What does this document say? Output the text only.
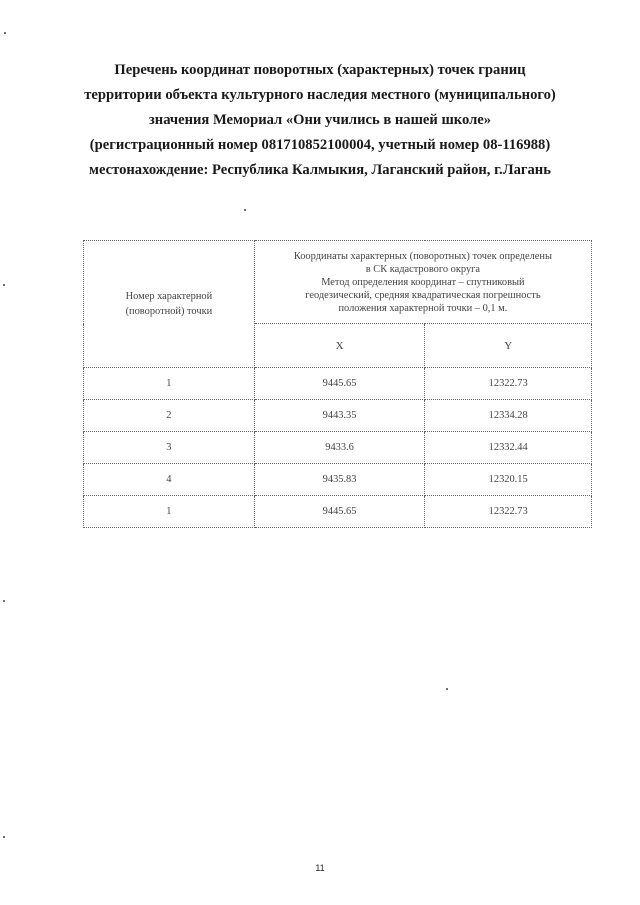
Перечень координат поворотных (характерных) точек границ
территории объекта культурного наследия местного (муниципального)
значения Мемориал «Они учились в нашей школе»
(регистрационный номер 081710852100004, учетный номер 08-116988)
местонахождение: Республика Калмыкия, Лаганский район, г.Лагань
Номер характерной
(поворотной) точки	Координаты характерных (поворотных) точек определены
в СК кадастрового округа
Метод определения координат – спутниковый
геодезический, средняя квадратическая погрешность
положения характерной точки – 0,1 м.	

	X	Y
1	9445.65	12322.73
2	9443.35	12334.28
3	9433.6	12332.44
4	9435.83	12320.15
1	9445.65	12322.73
11
